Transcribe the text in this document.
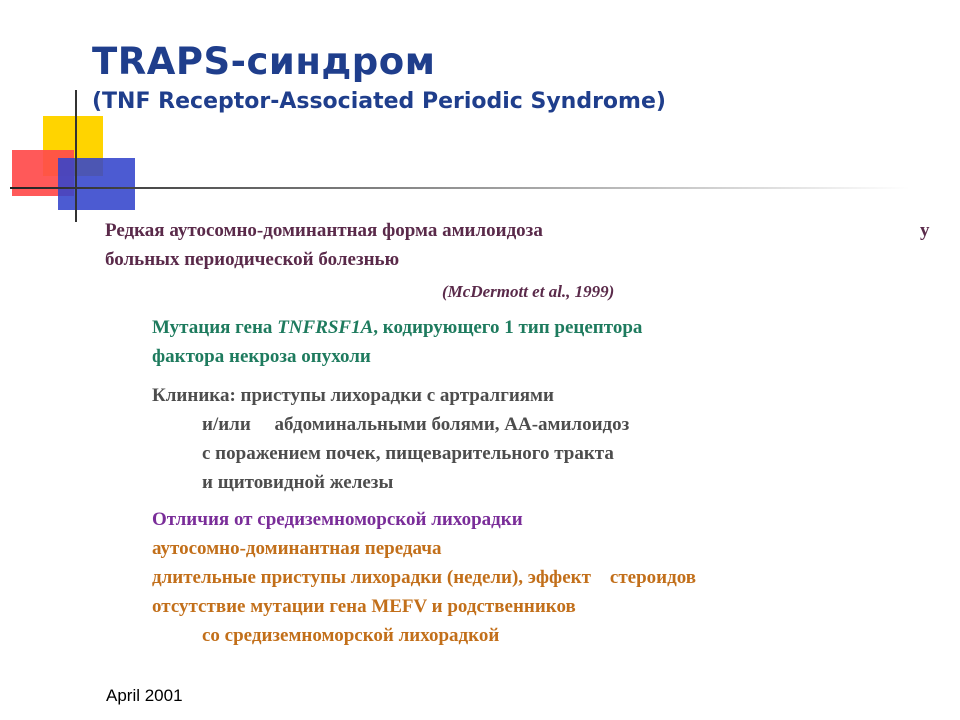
TRAPS-синдром
(TNF Receptor-Associated Periodic Syndrome)
Редкая аутосомно-доминантная форма амилоидоза
больных периодической болезнью
у
(McDermott et al., 1999)
Мутация гена TNFRSF1A, кодирующего 1 тип рецептора
фактора некроза опухоли
Клиника: приступы лихорадки с артралгиями
и/или     абдоминальными болями, АА-амилоидоз
с поражением почек, пищеварительного тракта
и щитовидной железы
Отличия от средиземноморской лихорадки
аутосомно-доминантная передача
длительные приступы лихорадки (недели), эффект    стероидов
отсутствие мутации гена MEFV и родственников
со средиземноморской лихорадкой
April 2001
